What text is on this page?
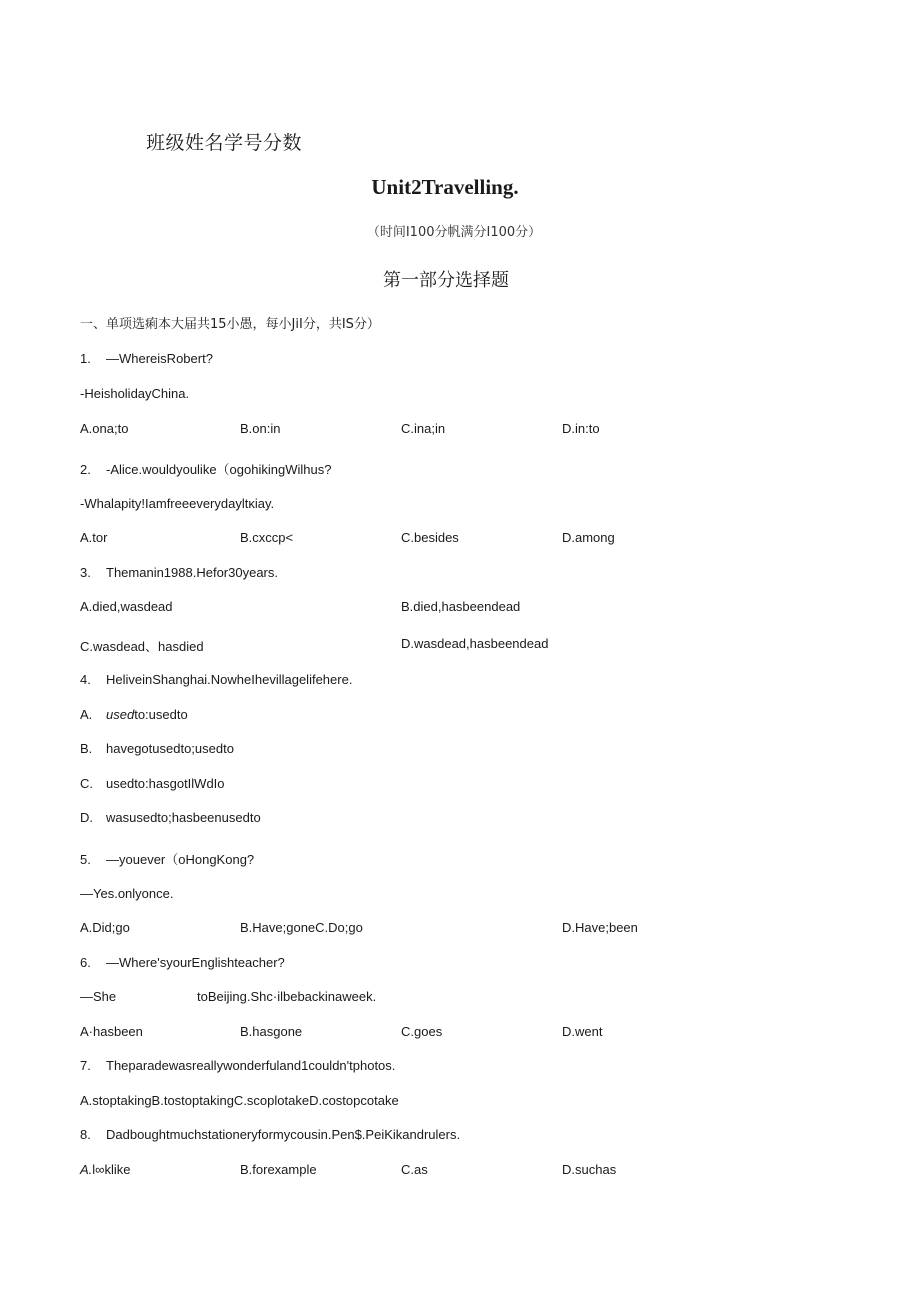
班级姓名学号分数
Unit2Travelling.
（时间I100分帆满分I100分）
第一部分选择题
一、单项选痢本大届共15小愚，每小JiI分，共IS分）
1. —WhereisRobert?
-HeisholidayChina.
A.ona;to	B.on:in	C.ina;in	D.in:to
2. -Alice.wouldyoulike（ogohikingWilhus?
-Whalapity!Iamfreeeverydayltκiay.
A.tor	B.cxccp<	C.besides	D.among
3. Themanin1988.Hefor30years.
A.died,wasdead	B.died,hasbeendead
C.wasdead、hasdied	D.wasdead,hasbeendead
4. HeliveinShanghai.NowheIhevillagelifehere.
A. usedto:usedto
B. havegotusedto;usedto
C. usedto:hasgotIlWdIo
D. wasusedto;hasbeenusedto
5. —youever（oHongKong?
—Yes.onlyonce.
A.Did;go	B.Have;goneC.Do;go	D.Have;been
6. —Where'syourEnglishteacher?
—She	toBeijing.Shc·ilbebackinaweek.
A·hasbeen	B.hasgone	C.goes	D.went
7. Theparadewasreallywonderfuland1couldn'tphotos.
A.stoptakingB.tostoptakingC.scoplotakeD.costopcotake
8. Dadboughtmuchstationeryformycousin.Pen$.PeiKikandrulers.
A.l∞klike	B.forexample	C.as	D.suchas
